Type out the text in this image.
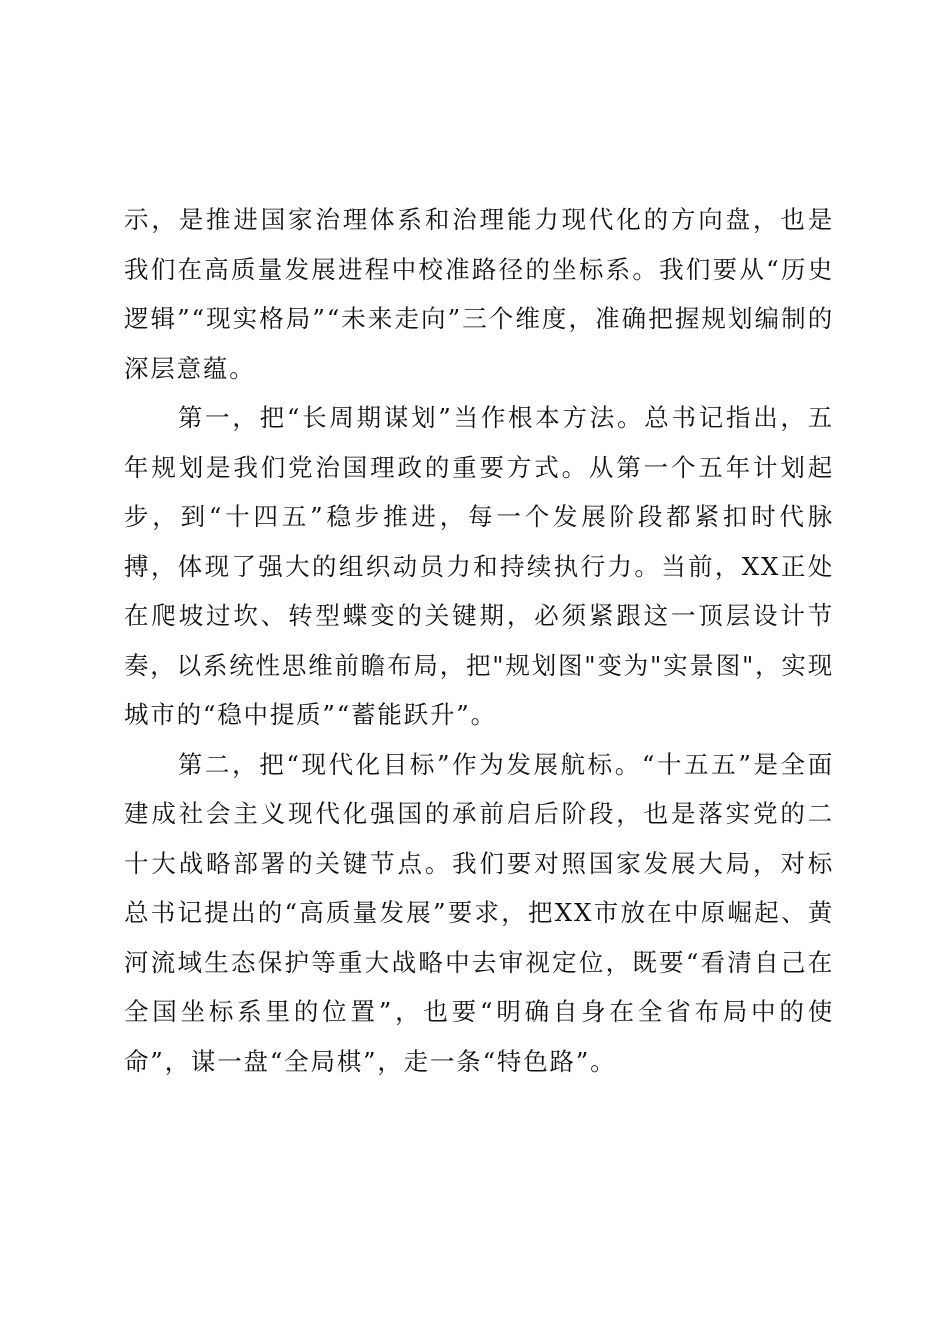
示，是推进国家治理体系和治理能力现代化的方向盘，也是我们在高质量发展进程中校准路径的坐标系。我们要从“历史逻辑”“现实格局”“未来走向”三个维度，准确把握规划编制的深层意蕴。

第一，把“长周期谋划”当作根本方法。总书记指出，五年规划是我们党治国理政的重要方式。从第一个五年计划起步，到“十四五”稳步推进，每一个发展阶段都紧扣时代脉搏，体现了强大的组织动员力和持续执行力。当前，XX正处在爬坡过坎、转型蝶变的关键期，必须紧跟这一顶层设计节奏，以系统性思维前瞻布局，把"规划图"变为"实景图"，实现城市的“稳中提质”“蓄能跃升”。

第二，把“现代化目标”作为发展航标。“十五五”是全面建成社会主义现代化强国的承前启后阶段，也是落实党的二十大战略部署的关键节点。我们要对照国家发展大局，对标总书记提出的“高质量发展”要求，把XX市放在中原崛起、黄河流域生态保护等重大战略中去审视定位，既要“看清自己在全国坐标系里的位置”，也要“明确自身在全省布局中的使命”，谋一盘“全局棋”，走一条“特色路”。
